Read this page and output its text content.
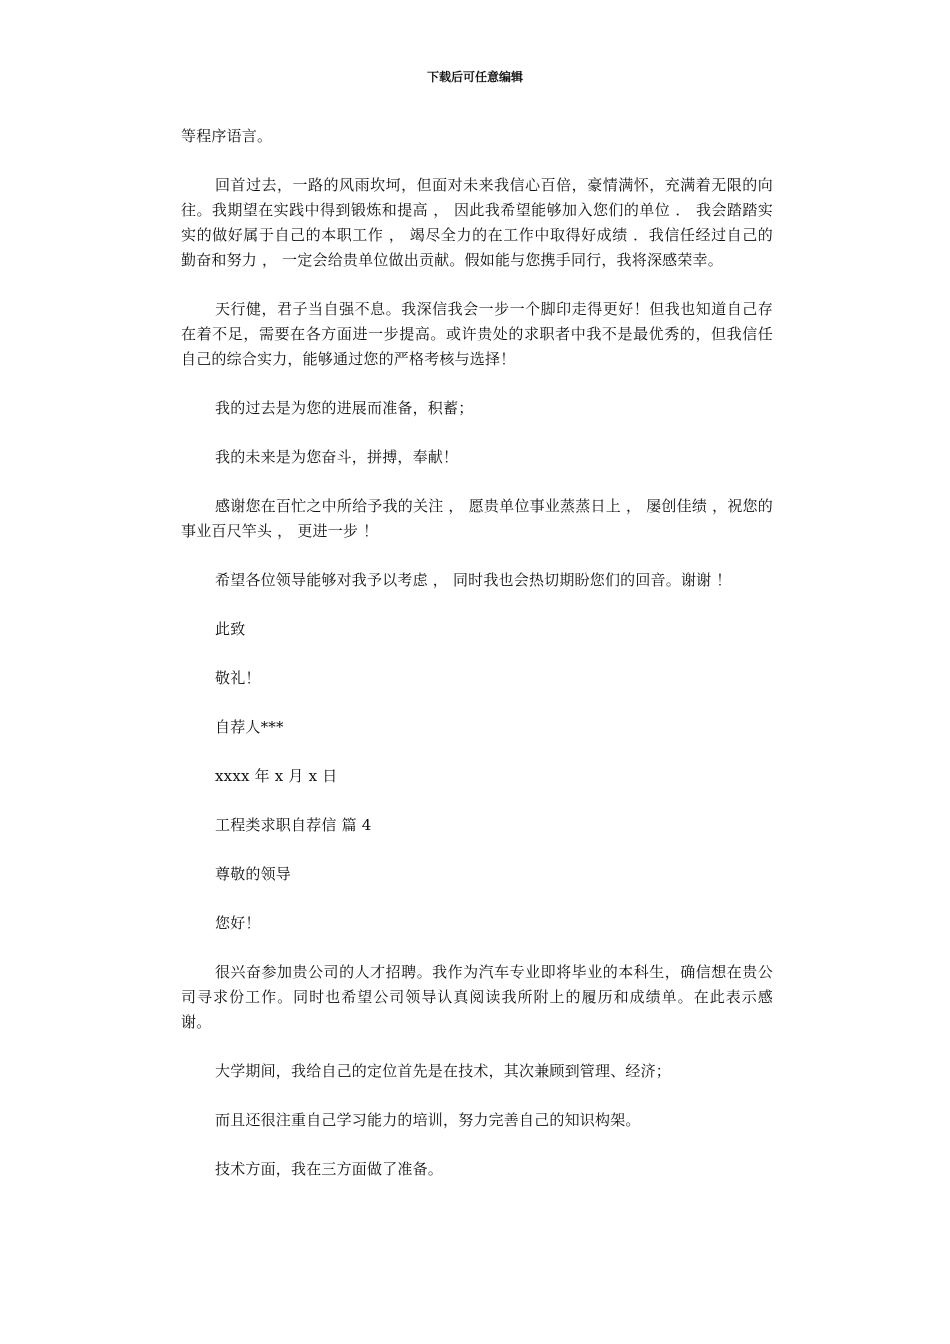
下载后可任意编辑

等程序语言。

回首过去，一路的风雨坎坷，但面对未来我信心百倍，豪情满怀，充满着无限的向往。我期望在实践中得到锻炼和提高 ， 因此我希望能够加入您们的单位 ． 我会踏踏实实的做好属于自己的本职工作 ， 竭尽全力的在工作中取得好成绩 ．我信任经过自己的勤奋和努力 ， 一定会给贵单位做出贡献。假如能与您携手同行，我将深感荣幸。

天行健，君子当自强不息。我深信我会一步一个脚印走得更好！但我也知道自己存在着不足，需要在各方面进一步提高。或许贵处的求职者中我不是最优秀的，但我信任自己的综合实力，能够通过您的严格考核与选择！

我的过去是为您的进展而准备，积蓄；

我的未来是为您奋斗，拼搏，奉献！

感谢您在百忙之中所给予我的关注 ， 愿贵单位事业蒸蒸日上 ， 屡创佳绩 ，祝您的事业百尺竿头 ， 更进一步 ！

希望各位领导能够对我予以考虑 ， 同时我也会热切期盼您们的回音。谢谢 ！

此致

敬礼！

自荐人***

xxxx 年 x 月 x 日

工程类求职自荐信 篇 4

尊敬的领导

您好！

很兴奋参加贵公司的人才招聘。我作为汽车专业即将毕业的本科生，确信想在贵公司寻求份工作。同时也希望公司领导认真阅读我所附上的履历和成绩单。在此表示感谢。

大学期间，我给自己的定位首先是在技术，其次兼顾到管理、经济；

而且还很注重自己学习能力的培训，努力完善自己的知识构架。

技术方面，我在三方面做了准备。
